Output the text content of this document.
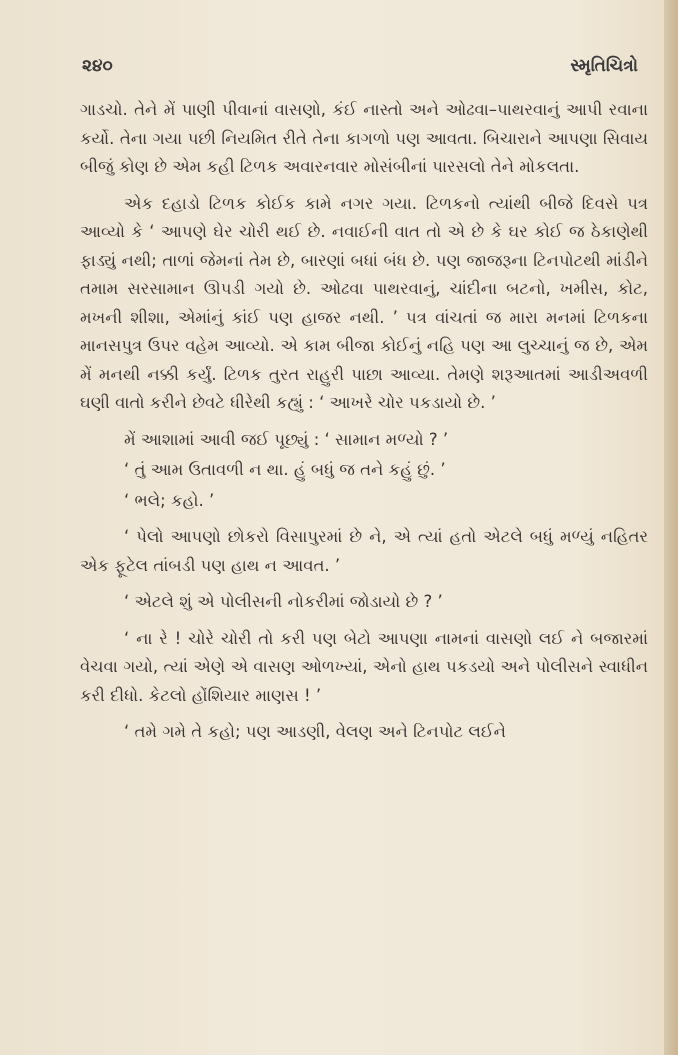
૨૪૦	સ્મૃતિચિત્રો

ગાડચો. તેને મેં પાણી પીવાનાં વાસણો, કંઈ નાસ્તો અને ઓઢવા–પાથરવાનું આપી રવાના કર્યો. તેના ગયા પછી નિયમિત રીતે તેના કાગળો પણ આવતા. બિચારાને આપણા સિવાય બીજું કોણ છે એમ કહી ટિળક અવારનવાર મોસંબીનાં પારસલો તેને મોકલતા.

એક દહાડો ટિળક કોઈક કામે નગર ગયા. ટિળકનો ત્યાંથી બીજે દિવસે પત્ર આવ્યો કે ‘ આપણે ઘેર ચોરી થઈ છે. નવાઈની વાત તો એ છે કે ઘર કોઈ જ ઠેકાણેથી ફાડ્યું નથી; તાળાં જેમનાં તેમ છે, બારણાં બધાં બંધ છે. પણ જાજરૂના ટિનપોટથી માંડીને તમામ સરસામાન ઊપડી ગયો છે. ઓઢવા પાથરવાનું, ચાંદીના બટનો, ખમીસ, કોટ, મખની શીશા, એમાંનું કાંઈ પણ હાજર નથી. ’ પત્ર વાંચતાં જ મારા મનમાં ટિળકના માનસપુત્ર ઉપર વહેમ આવ્યો. એ કામ બીજા કોઈનું નહિ પણ આ લુચ્ચાનું જ છે, એમ મેં મનથી નક્કી કર્યું. ટિળક તુરત રાહુરી પાછા આવ્યા. તેમણે શરૂઆતમાં આડીઅવળી ઘણી વાતો કરીને છેવટે ધીરેથી કહ્યું : ‘ આખરે ચોર પકડાયો છે. ’

મેં આશામાં આવી જઈ પૂછ્યું : ‘ સામાન મળ્યો ? ’

‘ તું આમ ઉતાવળી ન થા. હું બધું જ તને કહું છું. ’

‘ ભલે; કહો. ’

‘ પેલો આપણો છોકરો વિસાપુરમાં છે ને, એ ત્યાં હતો એટલે બધું મળ્યું નહિતર એક ફૂટેલ તાંબડી પણ હાથ ન આવત. ’

‘ એટલે શું એ પોલીસની નોકરીમાં જોડાયો છે ? ’

‘ ના રે ! ચોરે ચોરી તો કરી પણ બેટો આપણા નામનાં વાસણો લઈ ને બજારમાં વેચવા ગયો, ત્યાં એણે એ વાસણ ઓળખ્યાં, એનો હાથ પકડયો અને પોલીસને સ્વાધીન કરી દીધો. કેટલો હોંશિયાર માણસ ! ’

‘ તમે ગમે તે કહો; પણ આડણી, વેલણ અને ટિનપોટ લઈને
